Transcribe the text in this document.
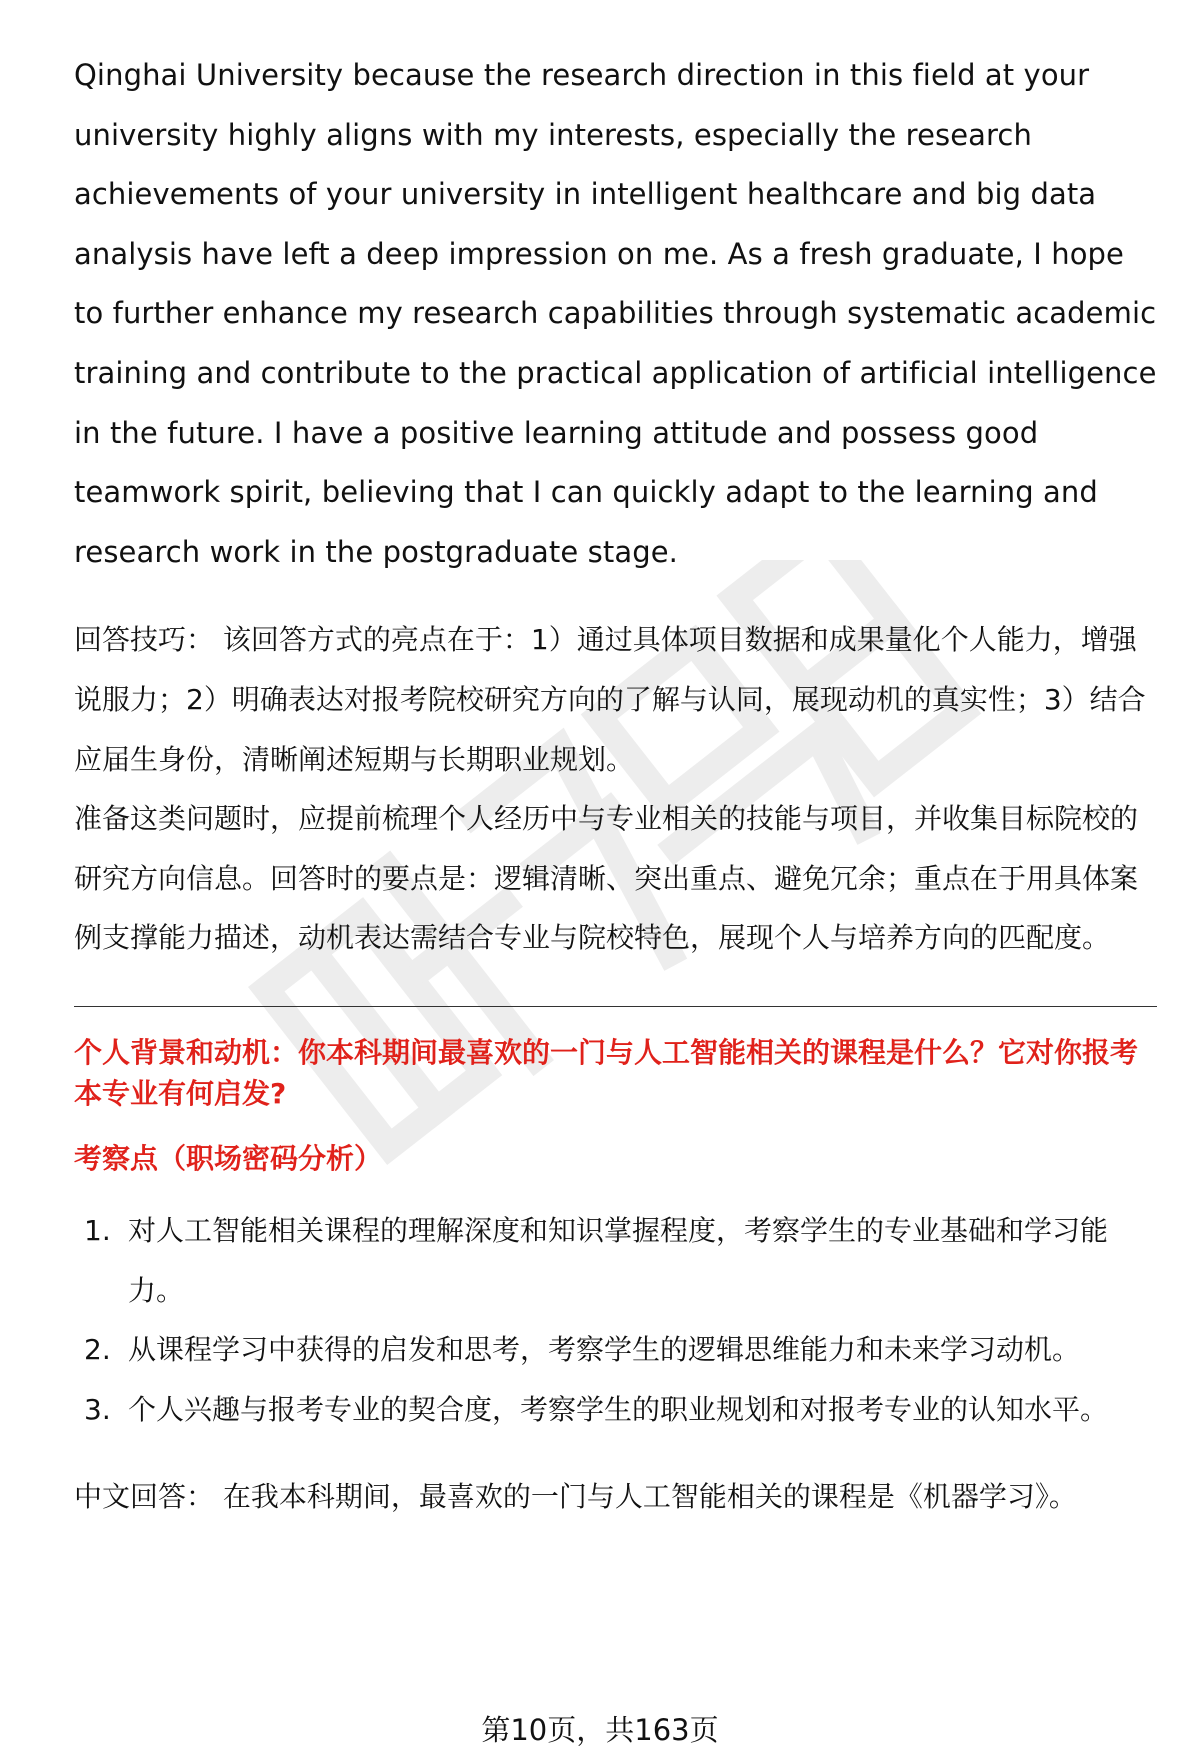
Qinghai University because the research direction in this field at your university highly aligns with my interests, especially the research achievements of your university in intelligent healthcare and big data analysis have left a deep impression on me. As a fresh graduate, I hope to further enhance my research capabilities through systematic academic training and contribute to the practical application of artificial intelligence in the future. I have a positive learning attitude and possess good teamwork spirit, believing that I can quickly adapt to the learning and research work in the postgraduate stage.

回答技巧： 该回答方式的亮点在于：1）通过具体项目数据和成果量化个人能力，增强说服力；2）明确表达对报考院校研究方向的了解与认同，展现动机的真实性；3）结合应届生身份，清晰阐述短期与长期职业规划。

准备这类问题时，应提前梳理个人经历中与专业相关的技能与项目，并收集目标院校的研究方向信息。回答时的要点是：逻辑清晰、突出重点、避免冗余；重点在于用具体案例支撑能力描述，动机表达需结合专业与院校特色，展现个人与培养方向的匹配度。

个人背景和动机：你本科期间最喜欢的一门与人工智能相关的课程是什么？它对你报考本专业有何启发?

考察点（职场密码分析）

1. 对人工智能相关课程的理解深度和知识掌握程度，考察学生的专业基础和学习能力。
2. 从课程学习中获得的启发和思考，考察学生的逻辑思维能力和未来学习动机。
3. 个人兴趣与报考专业的契合度，考察学生的职业规划和对报考专业的认知水平。

中文回答： 在我本科期间，最喜欢的一门与人工智能相关的课程是《机器学习》。

第10页，共163页
